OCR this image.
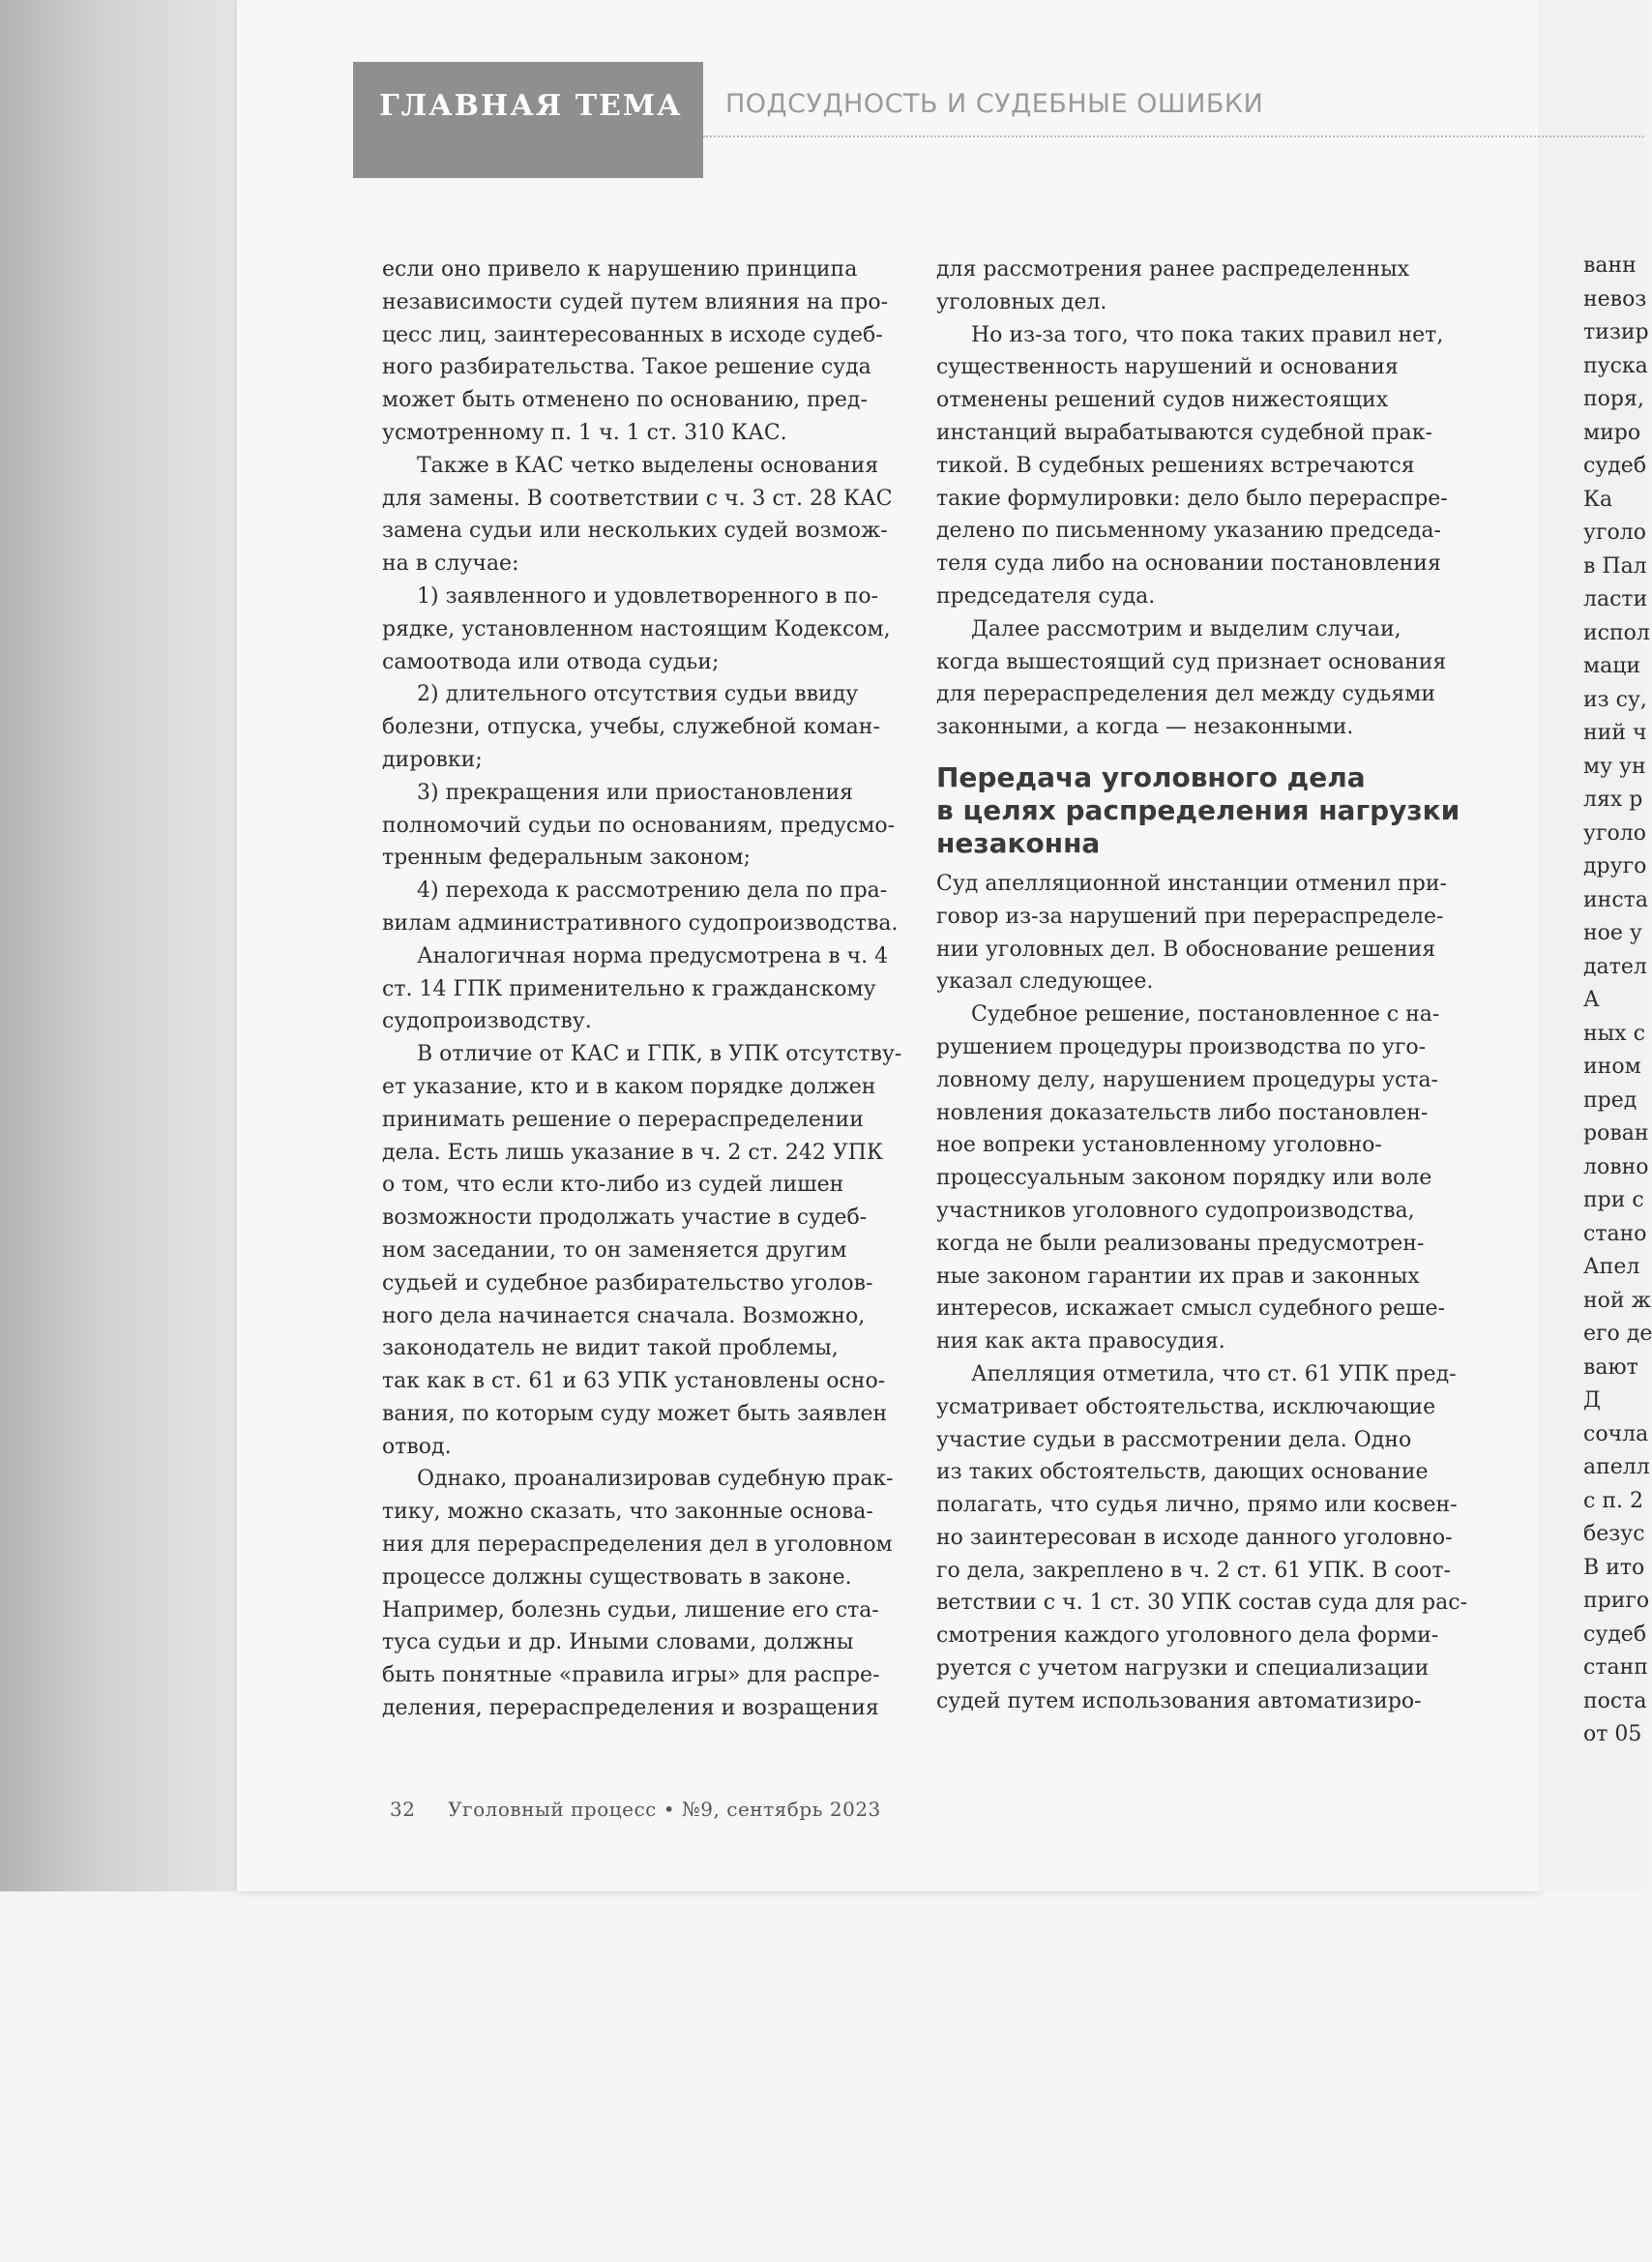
ГЛАВНАЯ ТЕМА ПОДСУДНОСТЬ И СУДЕБНЫЕ ОШИБКИ
если оно привело к нарушению принципа
независимости судей путем влияния на про-
цесс лиц, заинтересованных в исходе судеб-
ного разбирательства. Такое решение суда
может быть отменено по основанию, пред-
усмотренному п. 1 ч. 1 ст. 310 КАС.
Также в КАС четко выделены основания
для замены. В соответствии с ч. 3 ст. 28 КАС
замена судьи или нескольких судей возмож-
на в случае:
1) заявленного и удовлетворенного в по-
рядке, установленном настоящим Кодексом,
самоотвода или отвода судьи;
2) длительного отсутствия судьи ввиду
болезни, отпуска, учебы, служебной коман-
дировки;
3) прекращения или приостановления
полномочий судьи по основаниям, предусмо-
тренным федеральным законом;
4) перехода к рассмотрению дела по пра-
вилам административного судопроизводства.
Аналогичная норма предусмотрена в ч. 4
ст. 14 ГПК применительно к гражданскому
судопроизводству.
В отличие от КАС и ГПК, в УПК отсутству-
ет указание, кто и в каком порядке должен
принимать решение о перераспределении
дела. Есть лишь указание в ч. 2 ст. 242 УПК
о том, что если кто-либо из судей лишен
возможности продолжать участие в судеб-
ном заседании, то он заменяется другим
судьей и судебное разбирательство уголов-
ного дела начинается сначала. Возможно,
законодатель не видит такой проблемы,
так как в ст. 61 и 63 УПК установлены осно-
вания, по которым суду может быть заявлен
отвод.
Однако, проанализировав судебную прак-
тику, можно сказать, что законные основа-
ния для перераспределения дел в уголовном
процессе должны существовать в законе.
Например, болезнь судьи, лишение его ста-
туса судьи и др. Иными словами, должны
быть понятные «правила игры» для распре-
деления, перераспределения и возращения
для рассмотрения ранее распределенных
уголовных дел.
Но из-за того, что пока таких правил нет,
существенность нарушений и основания
отменены решений судов нижестоящих
инстанций вырабатываются судебной прак-
тикой. В судебных решениях встречаются
такие формулировки: дело было перераспре-
делено по письменному указанию председа-
теля суда либо на основании постановления
председателя суда.
Далее рассмотрим и выделим случаи,
когда вышестоящий суд признает основания
для перераспределения дел между судьями
законными, а когда — незаконными.
Передача уголовного дела
в целях распределения нагрузки
незаконна
Суд апелляционной инстанции отменил при-
говор из-за нарушений при перераспределе-
нии уголовных дел. В обоснование решения
указал следующее.
Судебное решение, постановленное с на-
рушением процедуры производства по уго-
ловному делу, нарушением процедуры уста-
новления доказательств либо постановлен-
ное вопреки установленному уголовно-
процессуальным законом порядку или воле
участников уголовного судопроизводства,
когда не были реализованы предусмотрен-
ные законом гарантии их прав и законных
интересов, искажает смысл судебного реше-
ния как акта правосудия.
Апелляция отметила, что ст. 61 УПК пред-
усматривает обстоятельства, исключающие
участие судьи в рассмотрении дела. Одно
из таких обстоятельств, дающих основание
полагать, что судья лично, прямо или косвен-
но заинтересован в исходе данного уголовно-
го дела, закреплено в ч. 2 ст. 61 УПК. В соот-
ветствии с ч. 1 ст. 30 УПК состав суда для рас-
смотрения каждого уголовного дела форми-
руется с учетом нагрузки и специализации
судей путем использования автоматизиро-
32 Уголовный процесс • №9, сентябрь 2023
ванн
невоз
тизир
пуска
поря,
миро
судеб
Ка
уголо
в Пал
ласти
испол
маци
из су,
ний ч
му ун
лях р
уголо
друго
инста
ное у
дател
А
ных с
ином
пред
рован
ловно
при с
стано
Апел
ной ж
его де
вают
Д
сочла
апелл
с п. 2
безус
В ито
приго
судеб
станп
поста
от 05
